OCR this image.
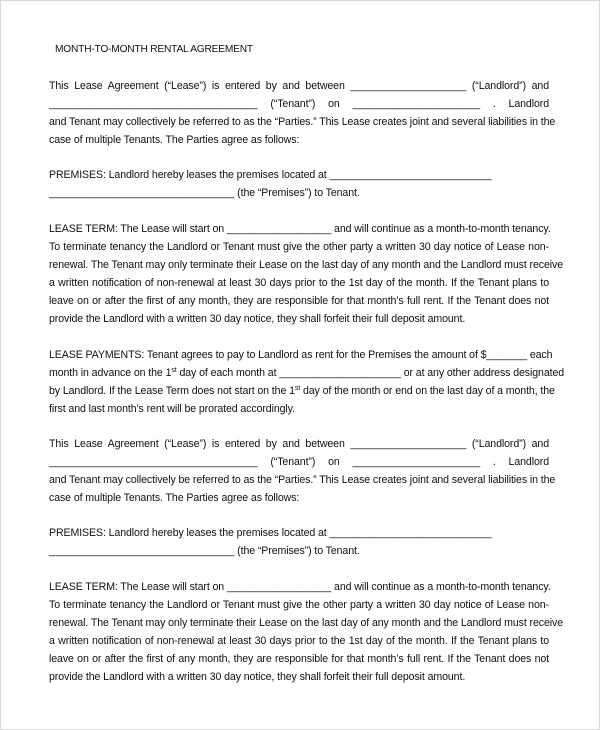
MONTH-TO-MONTH RENTAL AGREEMENT
This Lease Agreement (“Lease”) is entered by and between ____________________ (“Landlord”) and
____________________________________ (“Tenant”) on ______________________ . Landlord
and Tenant may collectively be referred to as the “Parties.” This Lease creates joint and several liabilities in the
case of multiple Tenants. The Parties agree as follows:
PREMISES: Landlord hereby leases the premises located at ____________________________
________________________________ (the “Premises”) to Tenant.
LEASE TERM: The Lease will start on __________________ and will continue as a month-to-month tenancy.
To terminate tenancy the Landlord or Tenant must give the other party a written 30 day notice of Lease non-
renewal. The Tenant may only terminate their Lease on the last day of any month and the Landlord must receive
a written notification of non-renewal at least 30 days prior to the 1st day of the month. If the Tenant plans to
leave on or after the first of any month, they are responsible for that month’s full rent. If the Tenant does not
provide the Landlord with a written 30 day notice, they shall forfeit their full deposit amount.
LEASE PAYMENTS: Tenant agrees to pay to Landlord as rent for the Premises the amount of $_______ each
month in advance on the 1st day of each month at _____________________ or at any other address designated
by Landlord. If the Lease Term does not start on the 1st day of the month or end on the last day of a month, the
first and last month’s rent will be prorated accordingly.
This Lease Agreement (“Lease”) is entered by and between ____________________ (“Landlord”) and
____________________________________ (“Tenant”) on ______________________ . Landlord
and Tenant may collectively be referred to as the “Parties.” This Lease creates joint and several liabilities in the
case of multiple Tenants. The Parties agree as follows:
PREMISES: Landlord hereby leases the premises located at ____________________________
________________________________ (the “Premises”) to Tenant.
LEASE TERM: The Lease will start on __________________ and will continue as a month-to-month tenancy.
To terminate tenancy the Landlord or Tenant must give the other party a written 30 day notice of Lease non-
renewal. The Tenant may only terminate their Lease on the last day of any month and the Landlord must receive
a written notification of non-renewal at least 30 days prior to the 1st day of the month. If the Tenant plans to
leave on or after the first of any month, they are responsible for that month’s full rent. If the Tenant does not
provide the Landlord with a written 30 day notice, they shall forfeit their full deposit amount.
